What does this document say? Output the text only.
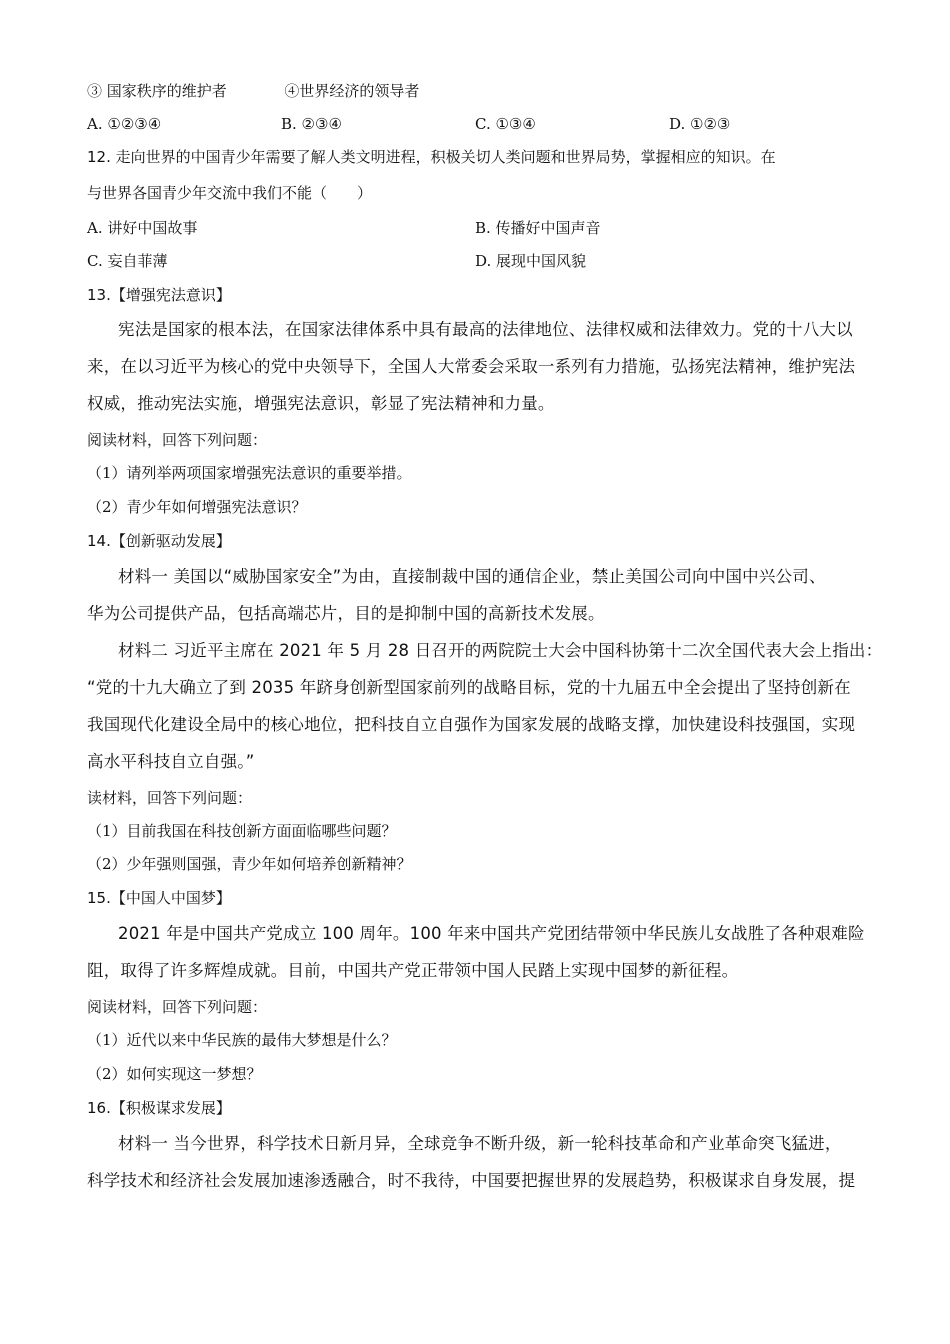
③ 国家秩序的维护者	④世界经济的领导者
A. ①②③④	B. ②③④	C. ①③④	D. ①②③
12. 走向世界的中国青少年需要了解人类文明进程，积极关切人类问题和世界局势，掌握相应的知识。在
与世界各国青少年交流中我们不能（　　）
A. 讲好中国故事	B. 传播好中国声音
C. 妄自菲薄	D. 展现中国风貌
13.【增强宪法意识】
宪法是国家的根本法，在国家法律体系中具有最高的法律地位、法律权威和法律效力。党的十八大以
来，在以习近平为核心的党中央领导下，全国人大常委会采取一系列有力措施，弘扬宪法精神，维护宪法
权威，推动宪法实施，增强宪法意识，彰显了宪法精神和力量。
阅读材料，回答下列问题：
（1）请列举两项国家增强宪法意识的重要举措。
（2）青少年如何增强宪法意识？
14.【创新驱动发展】
材料一 美国以“威胁国家安全”为由，直接制裁中国的通信企业，禁止美国公司向中国中兴公司、
华为公司提供产品，包括高端芯片，目的是抑制中国的高新技术发展。
材料二 习近平主席在 2021 年 5 月 28 日召开的两院院士大会中国科协第十二次全国代表大会上指出：
“党的十九大确立了到 2035 年跻身创新型国家前列的战略目标，党的十九届五中全会提出了坚持创新在
我国现代化建设全局中的核心地位，把科技自立自强作为国家发展的战略支撑，加快建设科技强国，实现
高水平科技自立自强。”
读材料，回答下列问题：
（1）目前我国在科技创新方面面临哪些问题？
（2）少年强则国强，青少年如何培养创新精神？
15.【中国人中国梦】
2021 年是中国共产党成立 100 周年。100 年来中国共产党团结带领中华民族儿女战胜了各种艰难险
阻，取得了许多辉煌成就。目前，中国共产党正带领中国人民踏上实现中国梦的新征程。
阅读材料，回答下列问题：
（1）近代以来中华民族的最伟大梦想是什么？
（2）如何实现这一梦想？
16.【积极谋求发展】
材料一 当今世界，科学技术日新月异，全球竞争不断升级，新一轮科技革命和产业革命突飞猛进，
科学技术和经济社会发展加速渗透融合，时不我待，中国要把握世界的发展趋势，积极谋求自身发展，提
